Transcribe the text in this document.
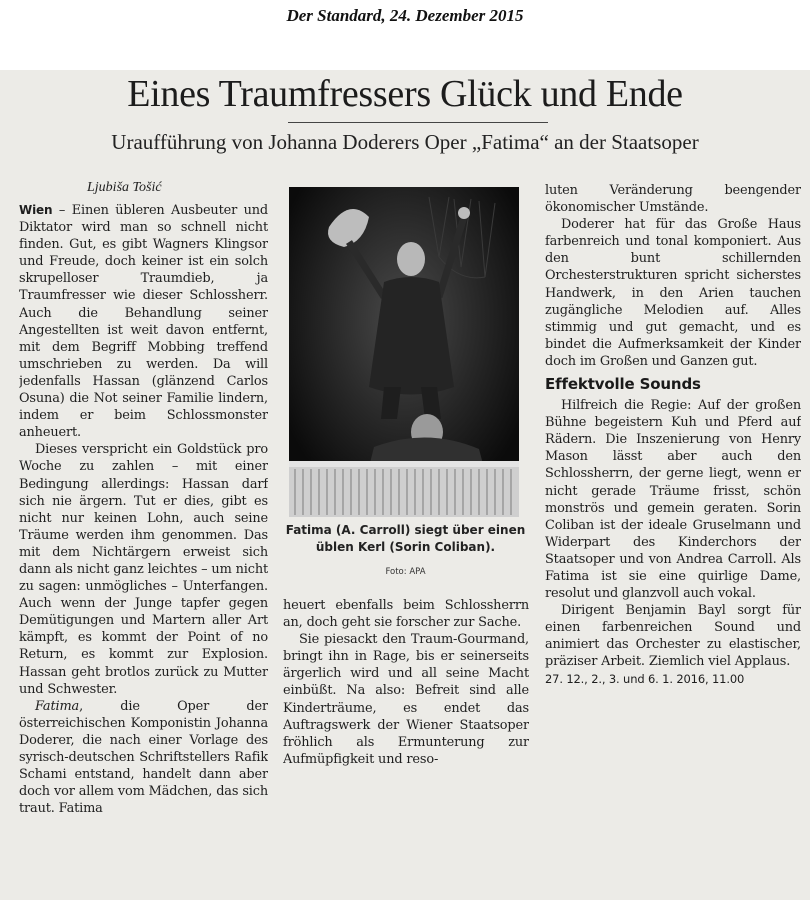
Der Standard, 24. Dezember 2015
Eines Traumfressers Glück und Ende
Uraufführung von Johanna Doderers Oper „Fatima“ an der Staatsoper
Ljubiša Tošić

Wien – Einen übleren Ausbeuter und Diktator wird man so schnell nicht finden. Gut, es gibt Wagners Klingsor und Freude, doch keiner ist ein solch skrupelloser Traumdieb, ja Traumfresser wie dieser Schlossherr. Auch die Behandlung seiner Angestellten ist weit davon entfernt, mit dem Begriff Mobbing treffend umschrieben zu werden. Da will jedenfalls Hassan (glänzend Carlos Osuna) die Not seiner Familie lindern, indem er beim Schlossmonster anheuert.

Dieses verspricht ein Goldstück pro Woche zu zahlen – mit einer Bedingung allerdings: Hassan darf sich nie ärgern. Tut er dies, gibt es nicht nur keinen Lohn, auch seine Träume werden ihm genommen. Das mit dem Nichtärgern erweist sich dann als nicht ganz leichtes – um nicht zu sagen: unmögliches – Unterfangen. Auch wenn der Junge tapfer gegen Demütigungen und Martern aller Art kämpft, es kommt der Point of no Return, es kommt zur Explosion. Hassan geht brotlos zurück zu Mutter und Schwester.

Fatima, die Oper der österreichischen Komponistin Johanna Doderer, die nach einer Vorlage des syrisch-deutschen Schriftstellers Rafik Schami entstand, handelt dann aber doch vor allem vom Mädchen, das sich traut. Fatima

Fatima (A. Carroll) siegt über einen üblen Kerl (Sorin Coliban).
Foto: APA

heuert ebenfalls beim Schlossherrn an, doch geht sie forscher zur Sache.

Sie piesackt den Traum-Gourmand, bringt ihn in Rage, bis er seinerseits ärgerlich wird und all seine Macht einbüßt. Na also: Befreit sind alle Kinderträume, es endet das Auftragswerk der Wiener Staatsoper fröhlich als Ermunterung zur Aufmüpfigkeit und reso-

luten Veränderung beengender ökonomischer Umstände.

Doderer hat für das Große Haus farbenreich und tonal komponiert. Aus den bunt schillernden Orchesterstrukturen spricht sicherstes Handwerk, in den Arien tauchen zugängliche Melodien auf. Alles stimmig und gut gemacht, und es bindet die Aufmerksamkeit der Kinder doch im Großen und Ganzen gut.

Effektvolle Sounds

Hilfreich die Regie: Auf der großen Bühne begeistern Kuh und Pferd auf Rädern. Die Inszenierung von Henry Mason lässt aber auch den Schlossherrn, der gerne liegt, wenn er nicht gerade Träume frisst, schön monströs und gemein geraten. Sorin Coliban ist der ideale Gruselmann und Widerpart des Kinderchors der Staatsoper und von Andrea Carroll. Als Fatima ist sie eine quirlige Dame, resolut und glanzvoll auch vokal.

Dirigent Benjamin Bayl sorgt für einen farbenreichen Sound und animiert das Orchester zu elastischer, präziser Arbeit. Ziemlich viel Applaus.

27. 12., 2., 3. und 6. 1. 2016, 11.00
